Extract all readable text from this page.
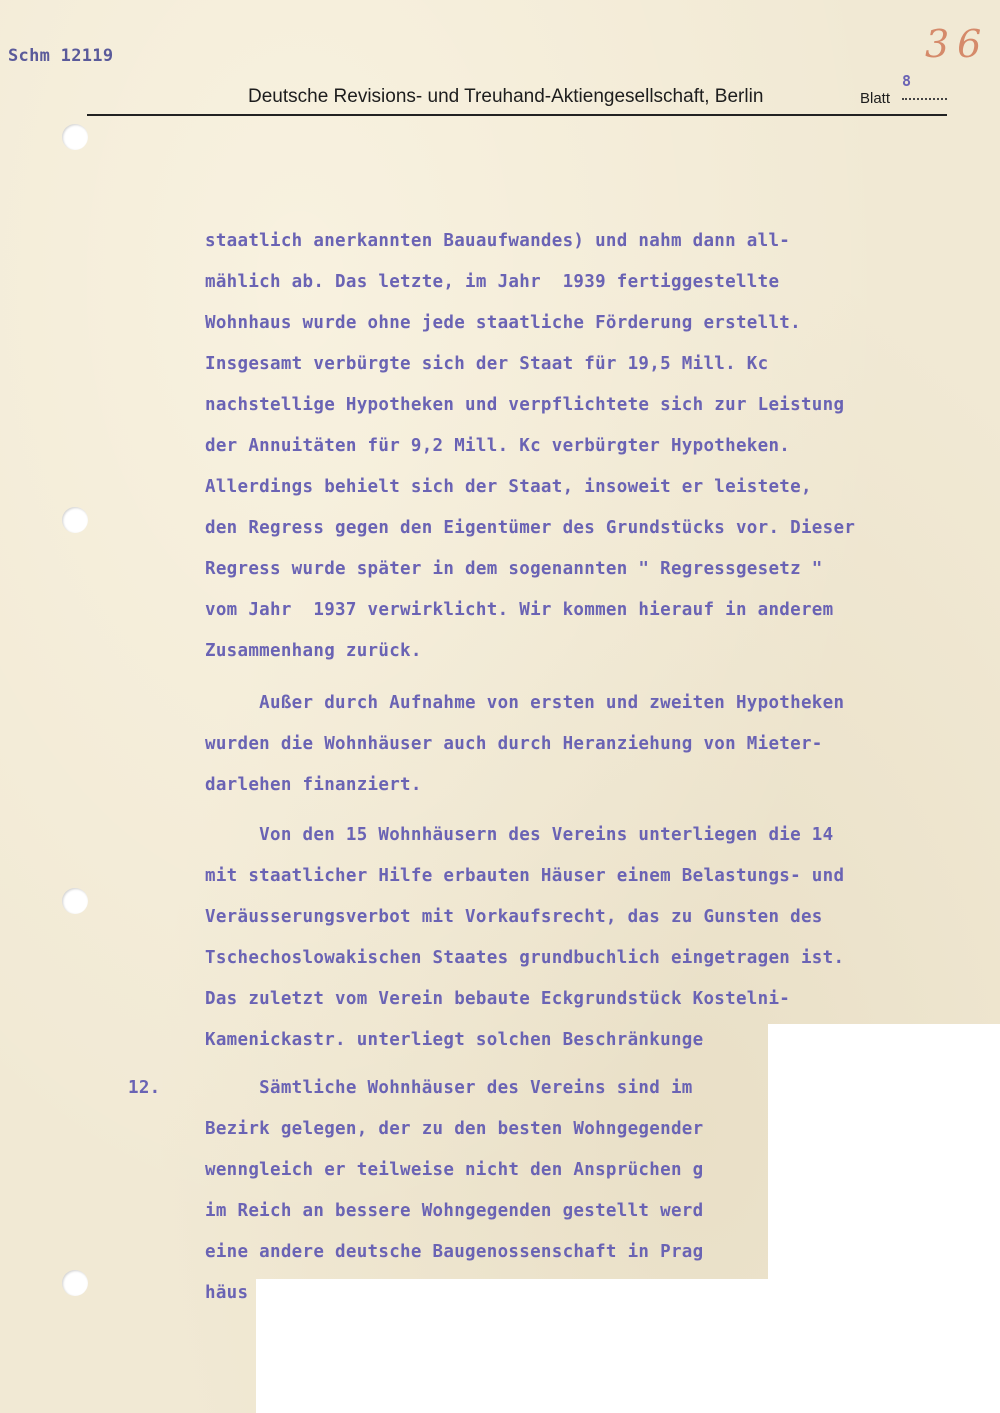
Schm 12119	36
Deutsche Revisions- und Treuhand-Aktiengesellschaft, Berlin
8
Blatt
staatlich anerkannten Bauaufwandes) und nahm dann all-
mählich ab. Das letzte, im Jahr  1939 fertiggestellte
Wohnhaus wurde ohne jede staatliche Förderung erstellt.
Insgesamt verbürgte sich der Staat für 19,5 Mill. Kc
nachstellige Hypotheken und verpflichtete sich zur Leistung
der Annuitäten für 9,2 Mill. Kc verbürgter Hypotheken.
Allerdings behielt sich der Staat, insoweit er leistete,
den Regress gegen den Eigentümer des Grundstücks vor. Dieser
Regress wurde später in dem sogenannten " Regressgesetz "
vom Jahr  1937 verwirklicht. Wir kommen hierauf in anderem
Zusammenhang zurück.
Außer durch Aufnahme von ersten und zweiten Hypotheken
wurden die Wohnhäuser auch durch Heranziehung von Mieter-
darlehen finanziert.
Von den 15 Wohnhäusern des Vereins unterliegen die 14
mit staatlicher Hilfe erbauten Häuser einem Belastungs- und
Veräusserungsverbot mit Vorkaufsrecht, das zu Gunsten des
Tschechoslowakischen Staates grundbuchlich eingetragen ist.
Das zuletzt vom Verein bebaute Eckgrundstück Kostelni-
Kamenickastr. unterliegt solchen Beschränkunge
12.	Sämtliche Wohnhäuser des Vereins sind im
Bezirk gelegen, der zu den besten Wohngegender
wenngleich er teilweise nicht den Ansprüchen g
im Reich an bessere Wohngegenden gestellt werd
eine andere deutsche Baugenossenschaft in Prag
häus
